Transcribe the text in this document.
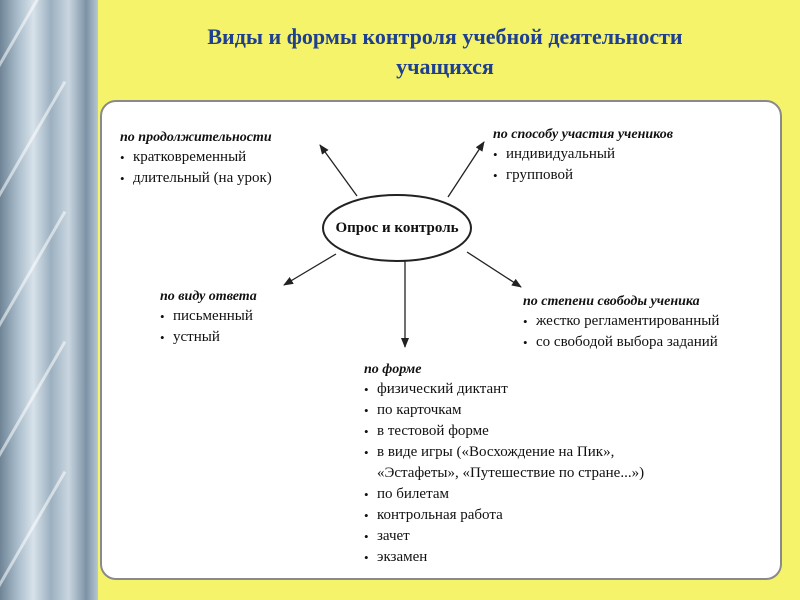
Виды и формы контроля учебной деятельности
учащихся
Опрос и контроль
по продолжительности
• кратковременный
• длительный (на урок)
по способу участия учеников
• индивидуальный
• групповой
по виду ответа
• письменный
• устный
по степени свободы ученика
• жестко регламентированный
• со свободой выбора заданий
по форме
• физический диктант
• по карточкам
• в тестовой форме
• в виде игры («Восхождение на Пик»,
«Эстафеты», «Путешествие по стране...»)
• по билетам
• контрольная работа
• зачет
• экзамен
